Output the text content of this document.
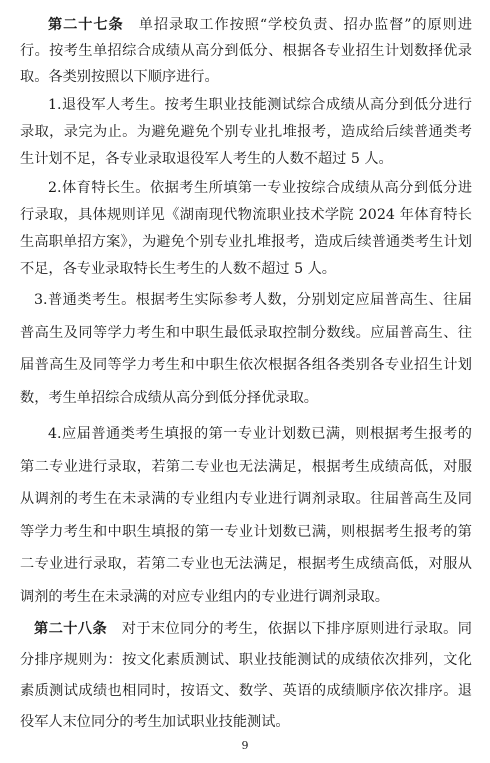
第二十七条　 单招录取工作按照“学校负责、招办监督”的原则进行。按考生单招综合成绩从高分到低分、根据各专业招生计划数择优录取。各类别按照以下顺序进行。

1.退役军人考生。按考生职业技能测试综合成绩从高分到低分进行录取，录完为止。为避免避免个别专业扎堆报考，造成给后续普通类考生计划不足，各专业录取退役军人考生的人数不超过 5 人。

2.体育特长生。依据考生所填第一专业按综合成绩从高分到低分进行录取，具体规则详见《湖南现代物流职业技术学院 2024 年体育特长生高职单招方案》，为避免个别专业扎堆报考，造成后续普通类考生计划不足，各专业录取特长生考生的人数不超过 5 人。

3.普通类考生。根据考生实际参考人数，分别划定应届普高生、往届普高生及同等学力考生和中职生最低录取控制分数线。应届普高生、往届普高生及同等学力考生和中职生依次根据各组各类别各专业招生计划数，考生单招综合成绩从高分到低分择优录取。

4.应届普通类考生填报的第一专业计划数已满，则根据考生报考的第二专业进行录取，若第二专业也无法满足，根据考生成绩高低，对服从调剂的考生在未录满的专业组内专业进行调剂录取。往届普高生及同等学力考生和中职生填报的第一专业计划数已满，则根据考生报考的第二专业进行录取，若第二专业也无法满足，根据考生成绩高低，对服从调剂的考生在未录满的对应专业组内的专业进行调剂录取。

第二十八条　 对于末位同分的考生，依据以下排序原则进行录取。同分排序规则为：按文化素质测试、职业技能测试的成绩依次排列，文化素质测试成绩也相同时，按语文、数学、英语的成绩顺序依次排序。退役军人末位同分的考生加试职业技能测试。

9
